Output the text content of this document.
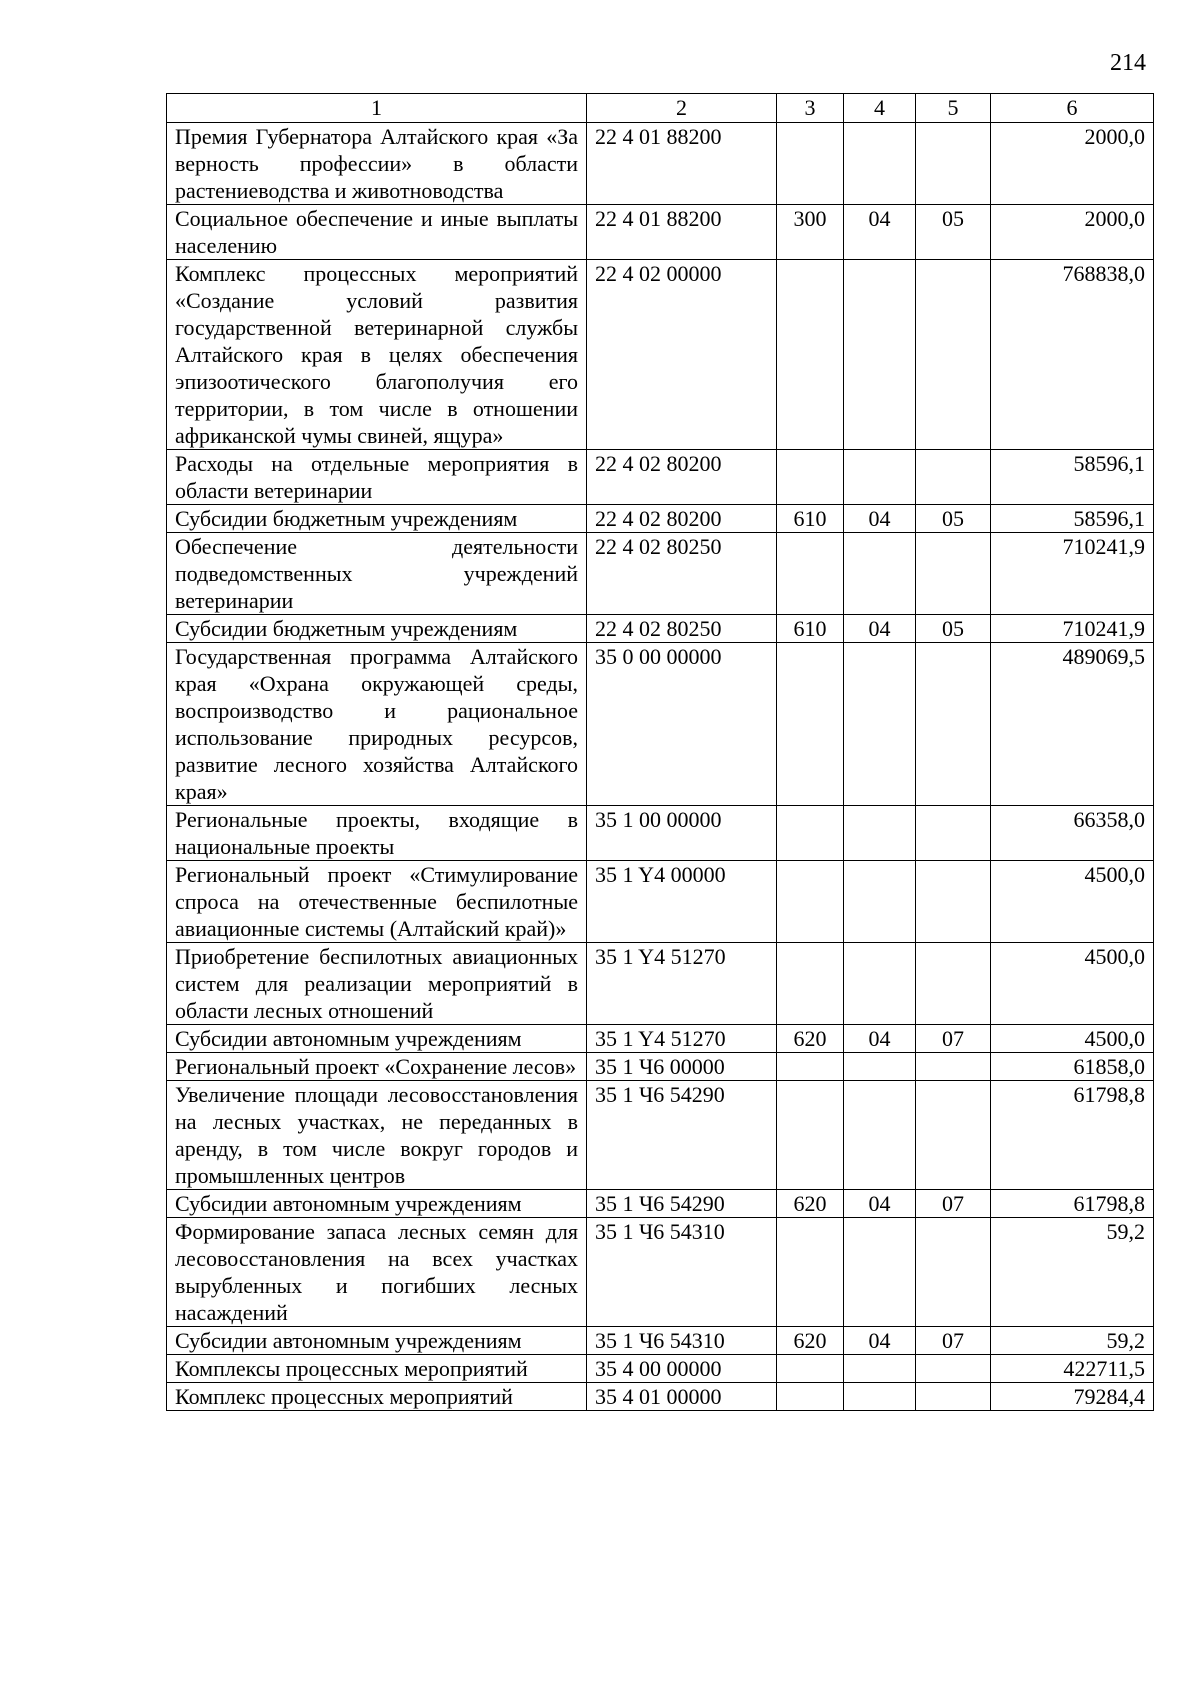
214
1	2	3	4	5	6
Премия Губернатора Алтайского края «За верность профессии» в области растениеводства и животноводства	22 4 01 88200				2000,0
Социальное обеспечение и иные выплаты населению	22 4 01 88200	300	04	05	2000,0
Комплекс процессных мероприятий «Создание условий развития государственной ветеринарной службы Алтайского края в целях обеспечения эпизоотического благополучия его территории, в том числе в отношении африканской чумы свиней, ящура»	22 4 02 00000				768838,0
Расходы на отдельные мероприятия в области ветеринарии	22 4 02 80200				58596,1
Субсидии бюджетным учреждениям	22 4 02 80200	610	04	05	58596,1
Обеспечение деятельности подведомственных учреждений ветеринарии	22 4 02 80250				710241,9
Субсидии бюджетным учреждениям	22 4 02 80250	610	04	05	710241,9
Государственная программа Алтайского края «Охрана окружающей среды, воспроизводство и рациональное использование природных ресурсов, развитие лесного хозяйства Алтайского края»	35 0 00 00000				489069,5
Региональные проекты, входящие в национальные проекты	35 1 00 00000				66358,0
Региональный проект «Стимулирование спроса на отечественные беспилотные авиационные системы (Алтайский край)»	35 1 Y4 00000				4500,0
Приобретение беспилотных авиационных систем для реализации мероприятий в области лесных отношений	35 1 Y4 51270				4500,0
Субсидии автономным учреждениям	35 1 Y4 51270	620	04	07	4500,0
Региональный проект «Сохранение лесов»	35 1 Ч6 00000				61858,0
Увеличение площади лесовосстановления на лесных участках, не переданных в аренду, в том числе вокруг городов и промышленных центров	35 1 Ч6 54290				61798,8
Субсидии автономным учреждениям	35 1 Ч6 54290	620	04	07	61798,8
Формирование запаса лесных семян для лесовосстановления на всех участках вырубленных и погибших лесных насаждений	35 1 Ч6 54310				59,2
Субсидии автономным учреждениям	35 1 Ч6 54310	620	04	07	59,2
Комплексы процессных мероприятий	35 4 00 00000				422711,5
Комплекс процессных мероприятий	35 4 01 00000				79284,4
